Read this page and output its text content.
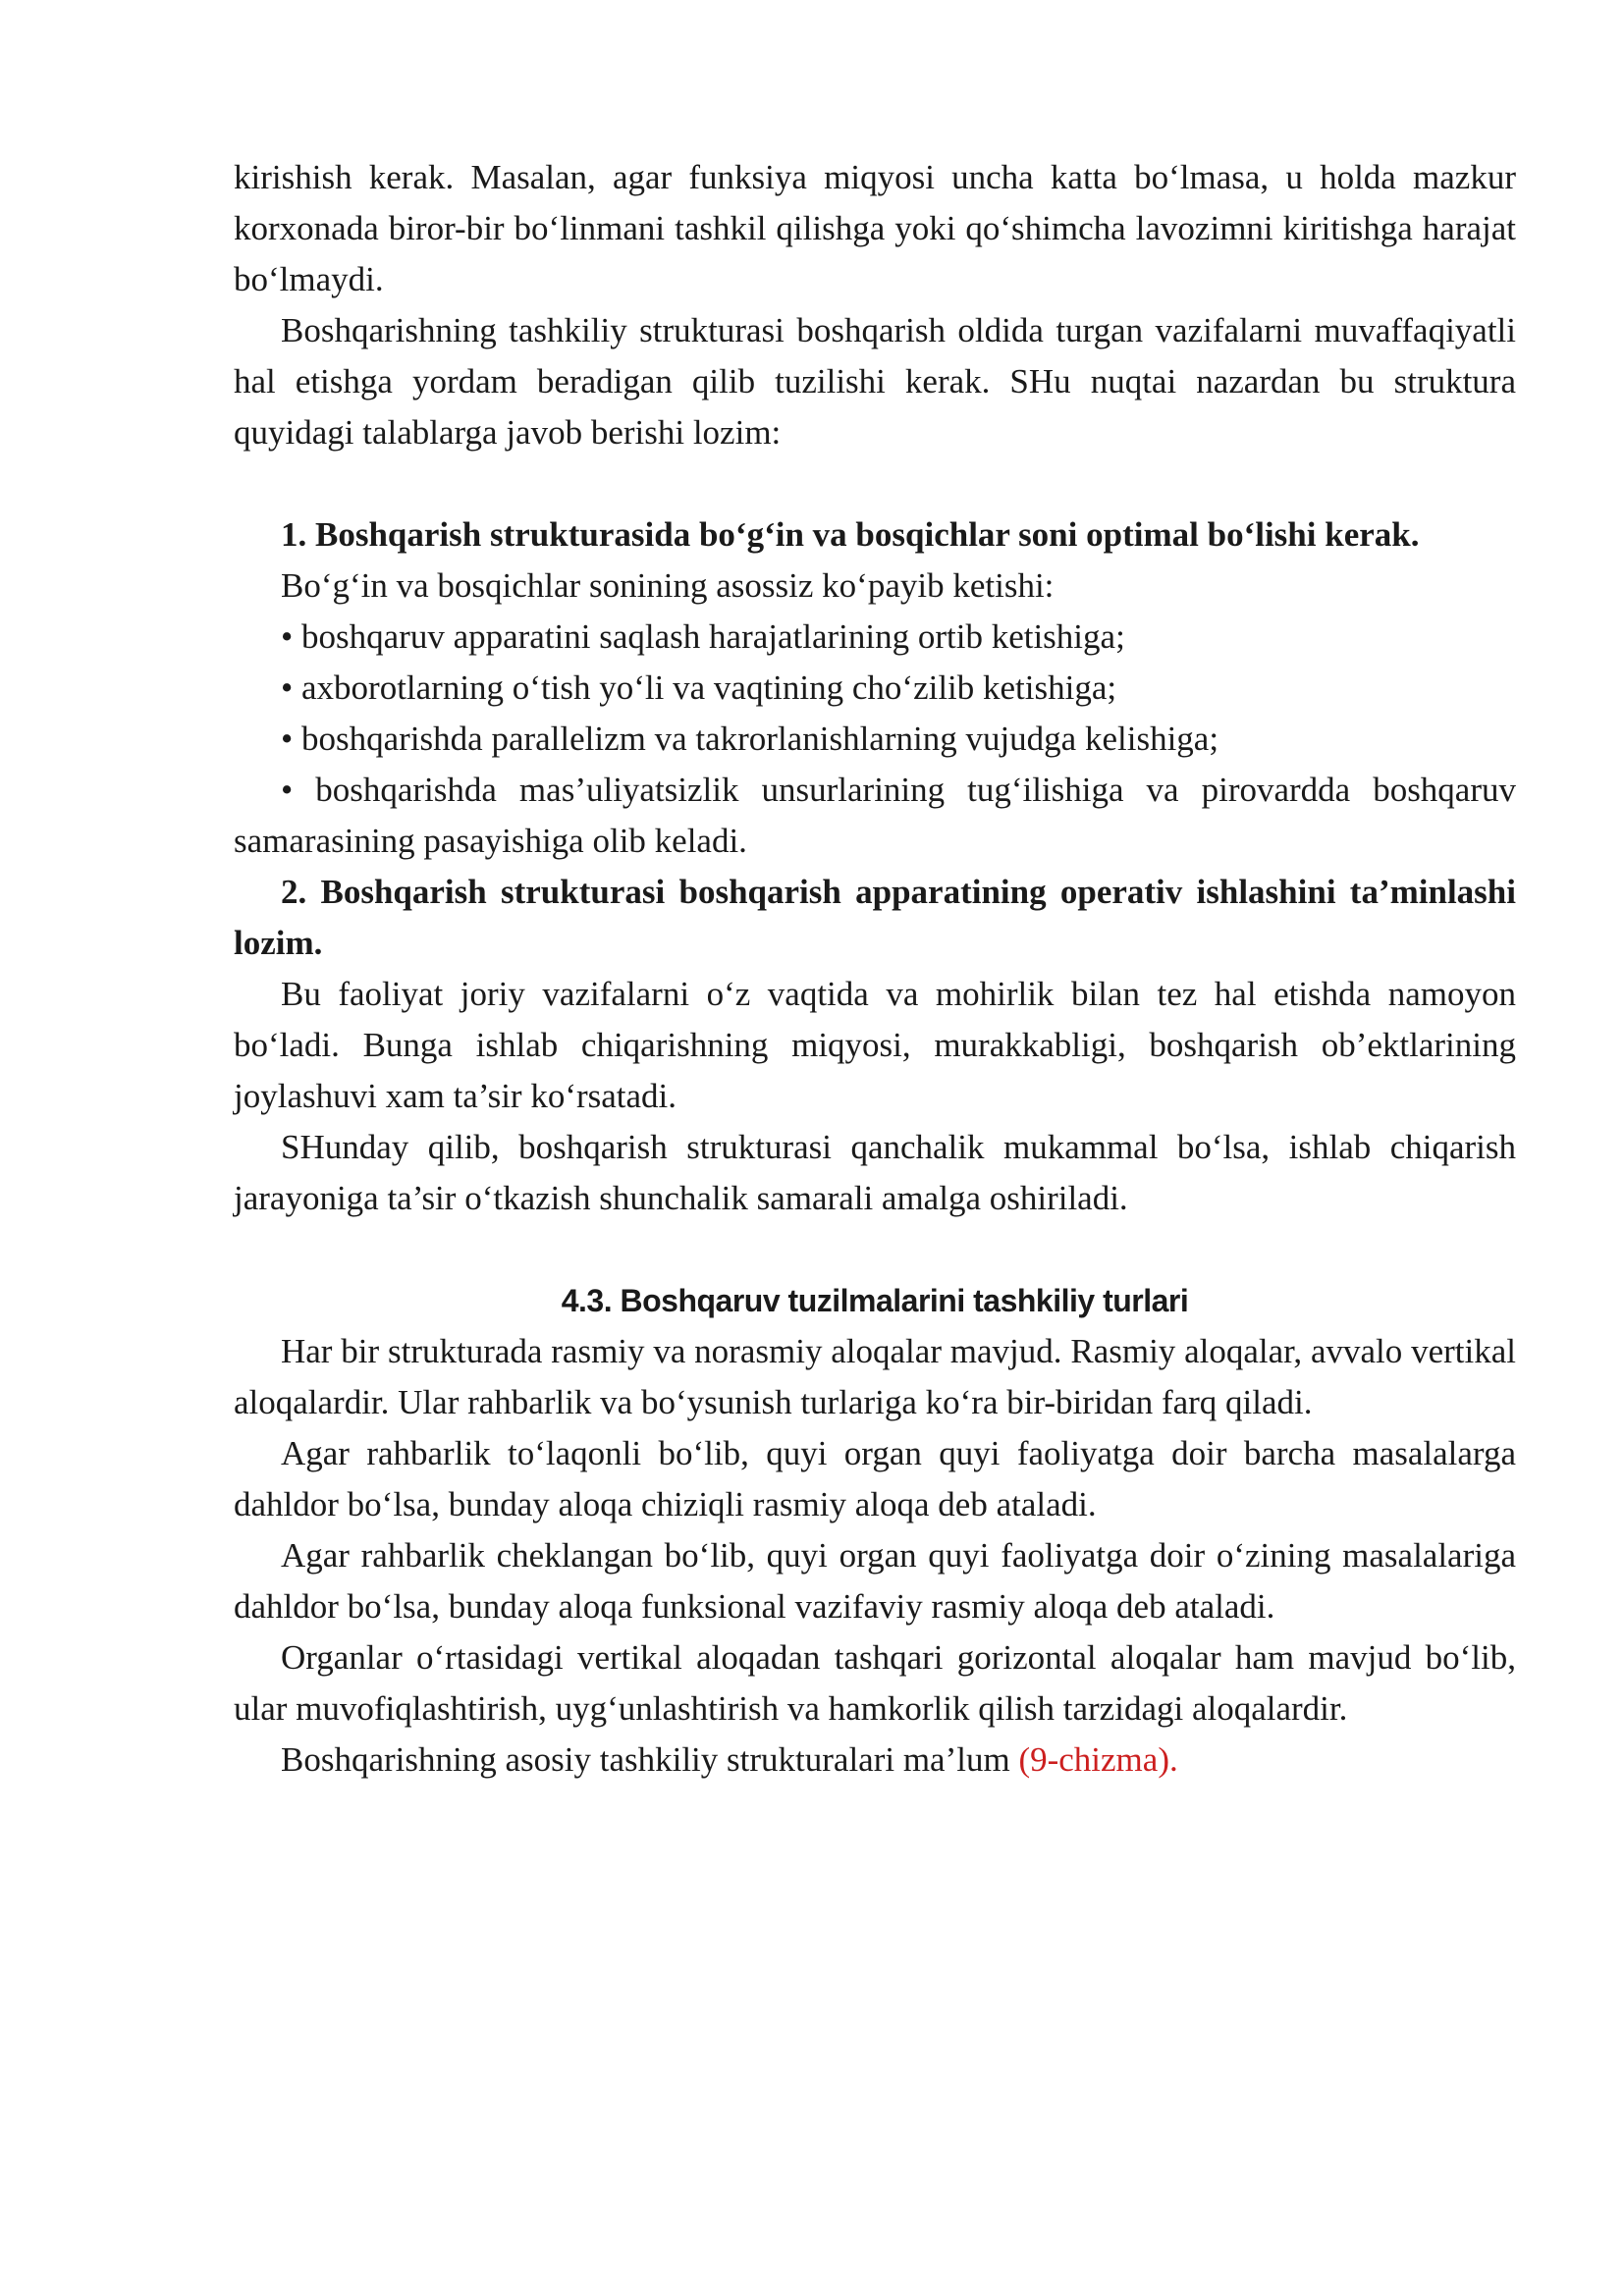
kirishish kerak. Masalan, agar funksiya miqyosi uncha katta bo‘lmasa, u holda mazkur korxonada biror-bir bo‘linmani tashkil qilishga yoki qo‘shimcha lavozimni kiritishga harajat bo‘lmaydi.

Boshqarishning tashkiliy strukturasi boshqarish oldida turgan vazifalarni muvaffaqiyatli hal etishga yordam beradigan qilib tuzilishi kerak. SHu nuqtai nazardan bu struktura quyidagi talablarga javob berishi lozim:

1. Boshqarish strukturasida bo‘g‘in va bosqichlar soni optimal bo‘lishi kerak.

Bo‘g‘in va bosqichlar sonining asossiz ko‘payib ketishi:

• boshqaruv apparatini saqlash harajatlarining ortib ketishiga;

• axborotlarning o‘tish yo‘li va vaqtining cho‘zilib ketishiga;

• boshqarishda parallelizm va takrorlanishlarning vujudga kelishiga;

• boshqarishda mas’uliyatsizlik unsurlarining tug‘ilishiga va pirovardda boshqaruv samarasining pasayishiga olib keladi.

2. Boshqarish strukturasi boshqarish apparatining operativ ishlashini ta’minlashi lozim.

Bu faoliyat joriy vazifalarni o‘z vaqtida va mohirlik bilan tez hal etishda namoyon bo‘ladi. Bunga ishlab chiqarishning miqyosi, murakkabligi, boshqarish ob’ektlarining joylashuvi xam ta’sir ko‘rsatadi.

SHunday qilib, boshqarish strukturasi qanchalik mukammal bo‘lsa, ishlab chiqarish jarayoniga ta’sir o‘tkazish shunchalik samarali amalga oshiriladi.

4.3. Boshqaruv tuzilmalarini tashkiliy turlari

Har bir strukturada rasmiy va norasmiy aloqalar mavjud. Rasmiy aloqalar, avvalo vertikal aloqalardir. Ular rahbarlik va bo‘ysunish turlariga ko‘ra bir-biridan farq qiladi.

Agar rahbarlik to‘laqonli bo‘lib, quyi organ quyi faoliyatga doir barcha masalalarga dahldor bo‘lsa, bunday aloqa chiziqli rasmiy aloqa deb ataladi.

Agar rahbarlik cheklangan bo‘lib, quyi organ quyi faoliyatga doir o‘zining masalalariga dahldor bo‘lsa, bunday aloqa funksional vazifaviy rasmiy aloqa deb ataladi.

Organlar o‘rtasidagi vertikal aloqadan tashqari gorizontal aloqalar ham mavjud bo‘lib, ular muvofiqlashtirish, uyg‘unlashtirish va hamkorlik qilish tarzidagi aloqalardir.

Boshqarishning asosiy tashkiliy strukturalari ma’lum (9-chizma).
